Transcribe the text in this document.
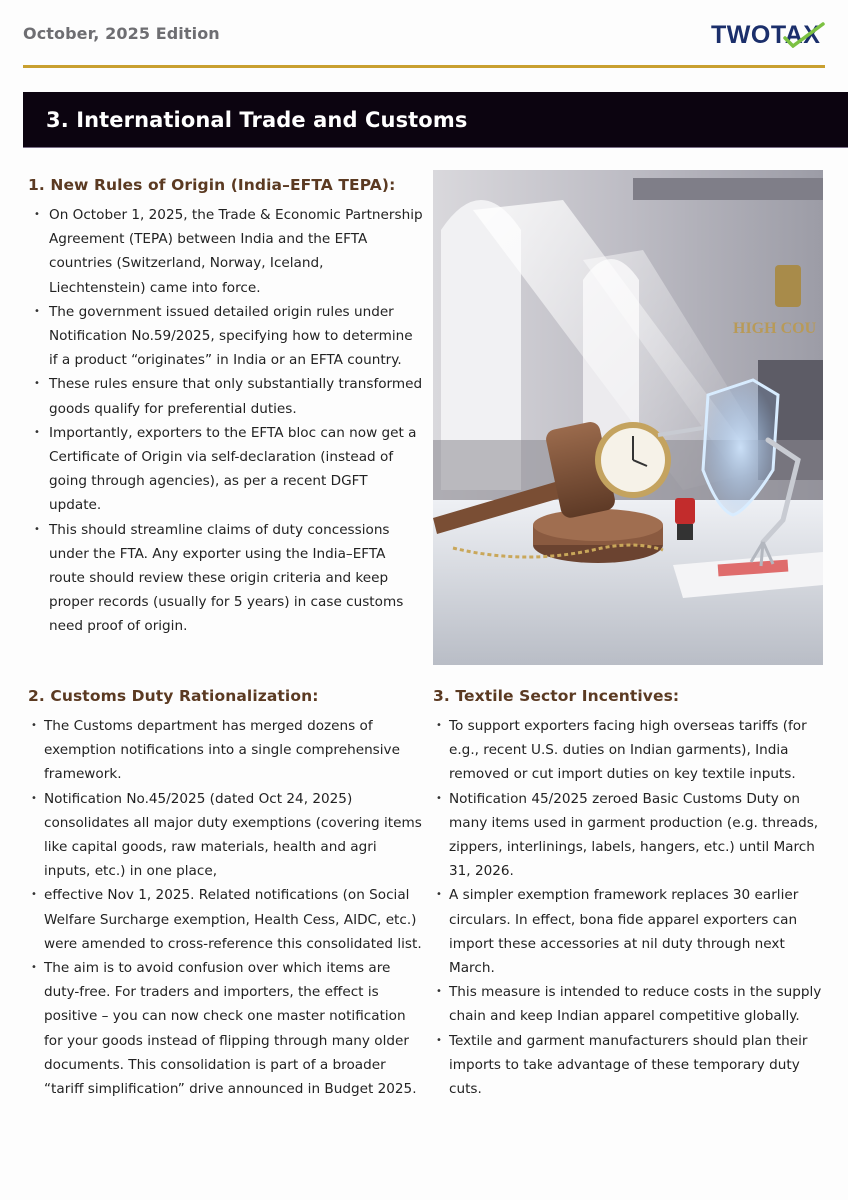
October, 2025 Edition	TWOTAX
3. International Trade and Customs
1. New Rules of Origin (India–EFTA TEPA):
• On October 1, 2025, the Trade & Economic Partnership Agreement (TEPA) between India and the EFTA countries (Switzerland, Norway, Iceland, Liechtenstein) came into force.
• The government issued detailed origin rules under Notification No.59/2025, specifying how to determine if a product “originates” in India or an EFTA country.
• These rules ensure that only substantially transformed goods qualify for preferential duties.
• Importantly, exporters to the EFTA bloc can now get a Certificate of Origin via self-declaration (instead of going through agencies), as per a recent DGFT update.
• This should streamline claims of duty concessions under the FTA. Any exporter using the India–EFTA route should review these origin criteria and keep proper records (usually for 5 years) in case customs need proof of origin.
HIGH COU
2. Customs Duty Rationalization:
• The Customs department has merged dozens of exemption notifications into a single comprehensive framework.
• Notification No.45/2025 (dated Oct 24, 2025) consolidates all major duty exemptions (covering items like capital goods, raw materials, health and agri inputs, etc.) in one place,
• effective Nov 1, 2025. Related notifications (on Social Welfare Surcharge exemption, Health Cess, AIDC, etc.) were amended to cross-reference this consolidated list.
• The aim is to avoid confusion over which items are duty-free. For traders and importers, the effect is positive – you can now check one master notification for your goods instead of flipping through many older documents. This consolidation is part of a broader “tariff simplification” drive announced in Budget 2025.
3. Textile Sector Incentives:
• To support exporters facing high overseas tariffs (for e.g., recent U.S. duties on Indian garments), India removed or cut import duties on key textile inputs.
• Notification 45/2025 zeroed Basic Customs Duty on many items used in garment production (e.g. threads, zippers, interlinings, labels, hangers, etc.) until March 31, 2026.
• A simpler exemption framework replaces 30 earlier circulars. In effect, bona fide apparel exporters can import these accessories at nil duty through next March.
• This measure is intended to reduce costs in the supply chain and keep Indian apparel competitive globally.
• Textile and garment manufacturers should plan their imports to take advantage of these temporary duty cuts.
